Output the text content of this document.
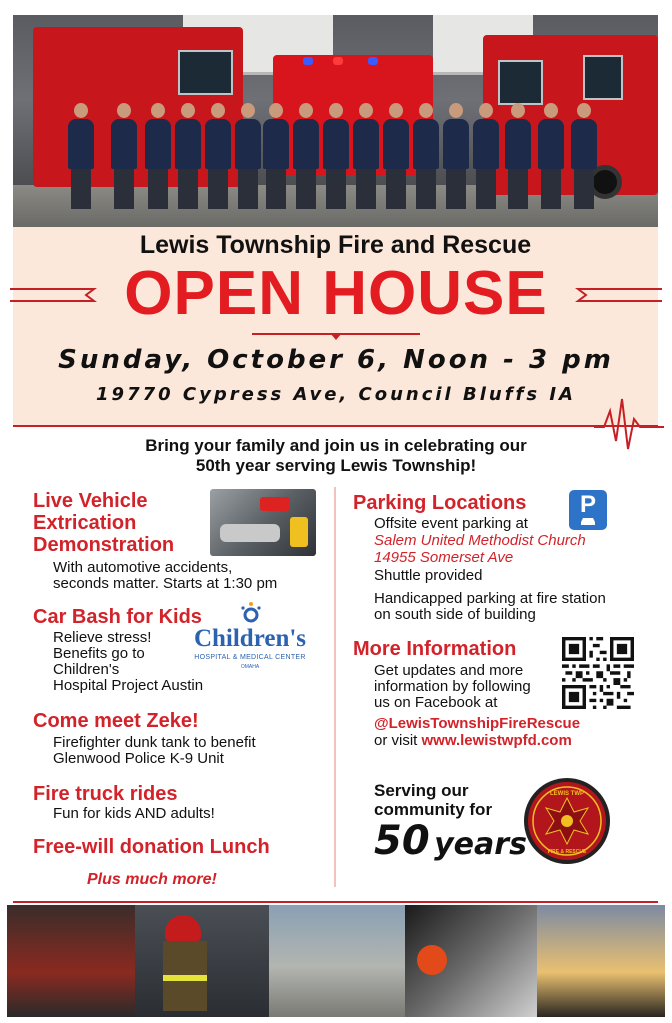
Lewis Township Fire and Rescue
OPEN HOUSE
Sunday, October 6, Noon - 3 pm
19770 Cypress Ave, Council Bluffs IA
Bring your family and join us in celebrating our
50th year serving Lewis Township!
Live Vehicle
Extrication
Demonstration
With automotive accidents,
seconds matter. Starts at 1:30 pm
Car Bash for Kids
Relieve stress!
Benefits go to
Children's
Hospital Project Austin
Children's
HOSPITAL & MEDICAL CENTER
OMAHA
Come meet Zeke!
Firefighter dunk tank to benefit
Glenwood Police K-9 Unit
Fire truck rides
Fun for kids AND adults!
Free-will donation Lunch
Plus much more!
Parking Locations	P
Offsite event parking at
Salem United Methodist Church
14955 Somerset Ave
Shuttle provided
Handicapped parking at fire station
on south side of building
More Information
Get updates and more
information by following
us on Facebook at
@LewisTownshipFireRescue
or visit www.lewistwpfd.com
Serving our
community for
50 years
LEWIS TWP
FIRE & RESCUE
